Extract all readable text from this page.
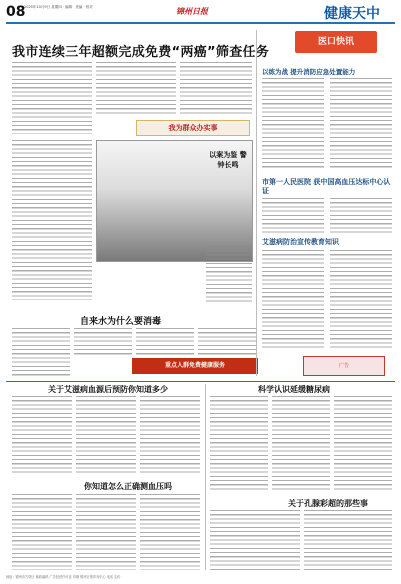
08
2025年10月9日 星期四 · 编辑 · 美编 · 校对	锦州日报	健康天中
我市连续三年超额完成免费“两癌”筛查任务
医口快讯
以练为战 提升消防应急处置能力
我为群众办实事
以案为鉴 警钟长鸣
市第一人民医院 获中国高血压达标中心认证
艾滋病防治宣传教育知识
自来水为什么要消毒
重点人群免费健康服务	广告
关于艾滋病血源后预防你知道多少	科学认识延缓糖尿病
你知道怎么正确测血压吗
关于孔腺彩超的那些事
地址：锦州市古塔区 邮政编码 广告经营许可证 印刷 锦州日报印务中心 电话 定价
